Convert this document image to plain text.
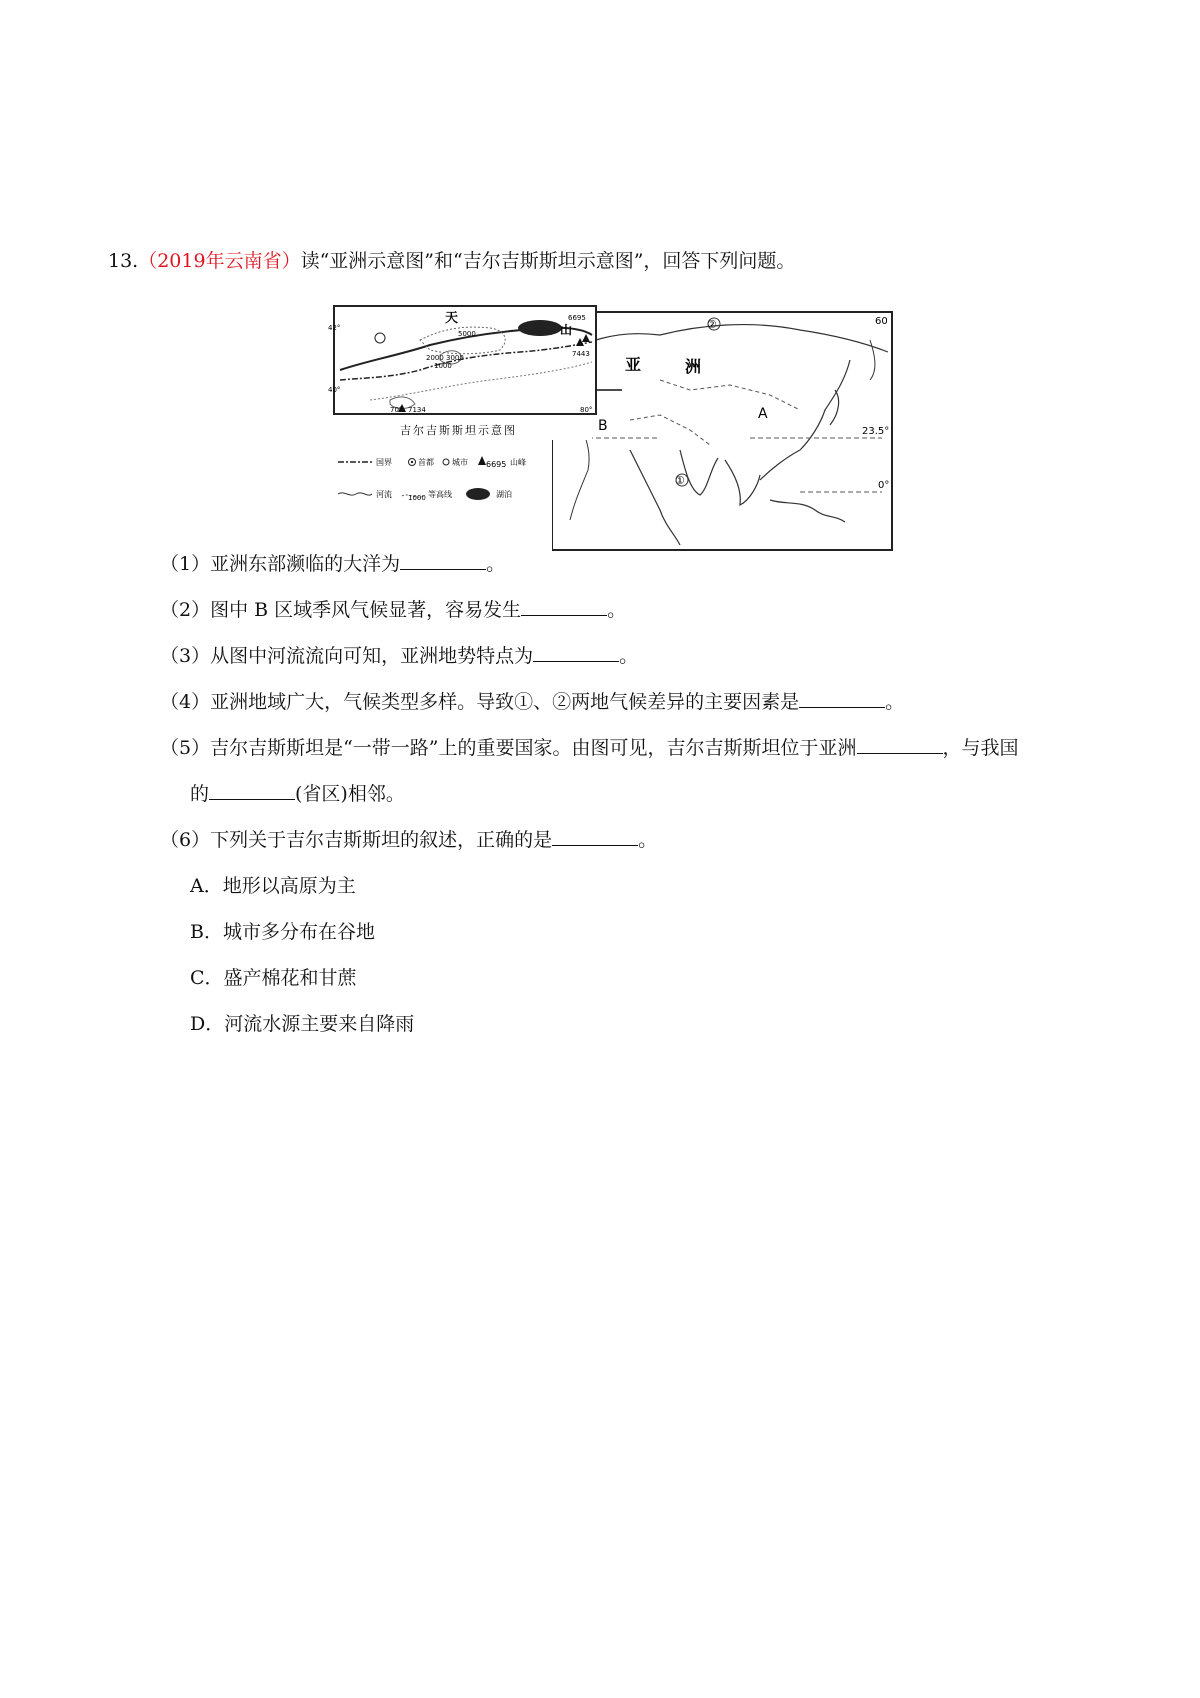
13.（2019年云南省）读“亚洲示意图”和“吉尔吉斯斯坦示意图”，回答下列问题。
亚	洲
A
B
②
①
23.5°
0°
60
天
山
5000
2000 3000
1000
6695
7443
7134
42°
40°
70°	80°
吉尔吉斯斯坦示意图
国界	首都 城市 6695 山峰
河流 1000 等高线	湖泊
（1）亚洲东部濒临的大洋为	。
（2）图中 B 区域季风气候显著，容易发生	。
（3）从图中河流流向可知，亚洲地势特点为	。
（4）亚洲地域广大，气候类型多样。导致①、②两地气候差异的主要因素是	。
（5）吉尔吉斯斯坦是“一带一路”上的重要国家。由图可见，吉尔吉斯斯坦位于亚洲	，与我国
的	(省区)相邻。
（6）下列关于吉尔吉斯斯坦的叙述，正确的是	。
A．地形以高原为主
B．城市多分布在谷地
C．盛产棉花和甘蔗
D．河流水源主要来自降雨
